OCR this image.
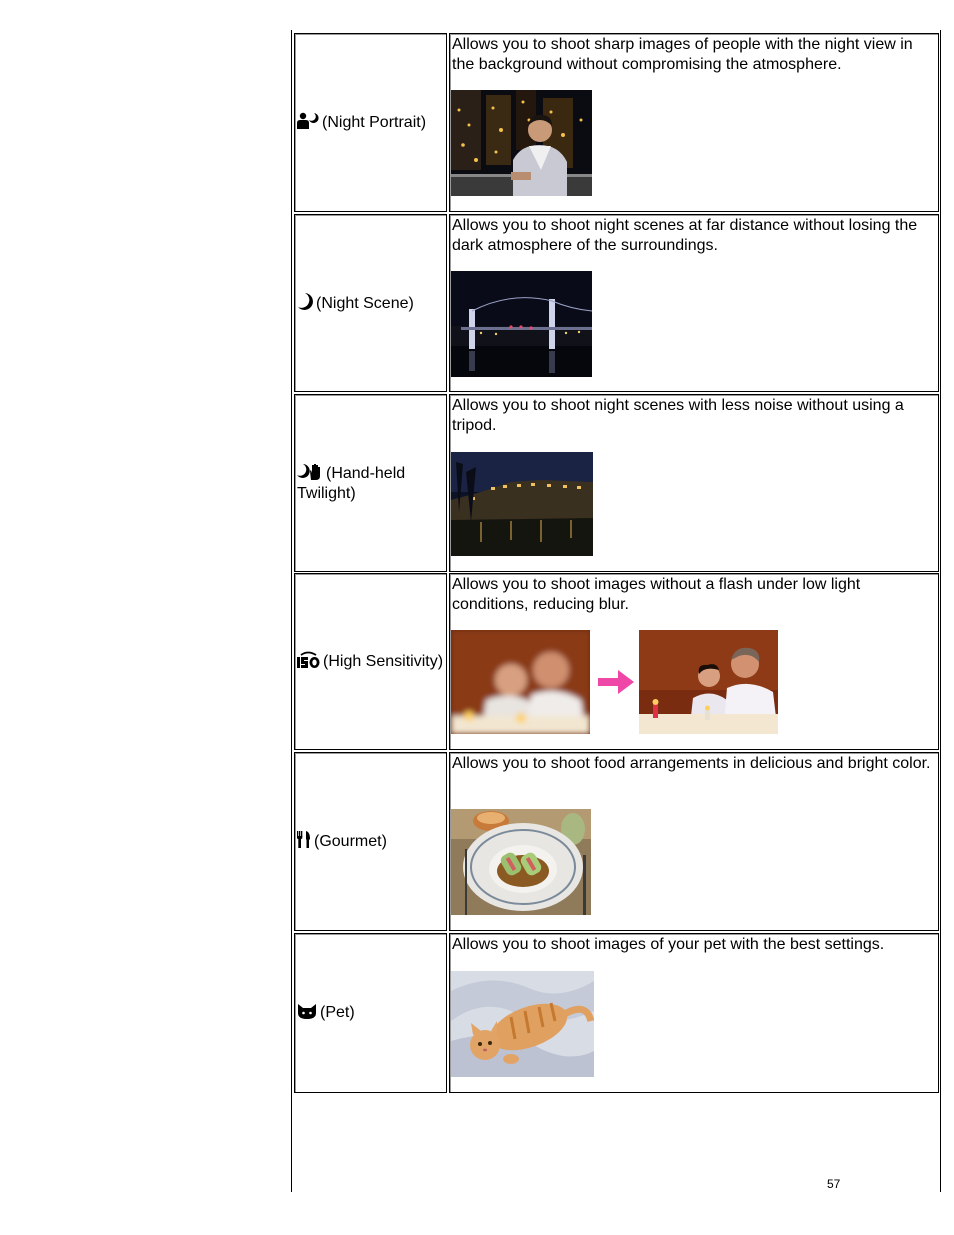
(Night Portrait)

Allows you to shoot sharp images of people with the night view in the background without compromising the atmosphere.

(Night Scene)

Allows you to shoot night scenes at far distance without losing the dark atmosphere of the surroundings.

(Hand-held Twilight)

Allows you to shoot night scenes with less noise without using a tripod.

(High Sensitivity)

Allows you to shoot images without a flash under low light conditions, reducing blur.

(Gourmet)

Allows you to shoot food arrangements in delicious and bright color.

(Pet)

Allows you to shoot images of your pet with the best settings.

57
